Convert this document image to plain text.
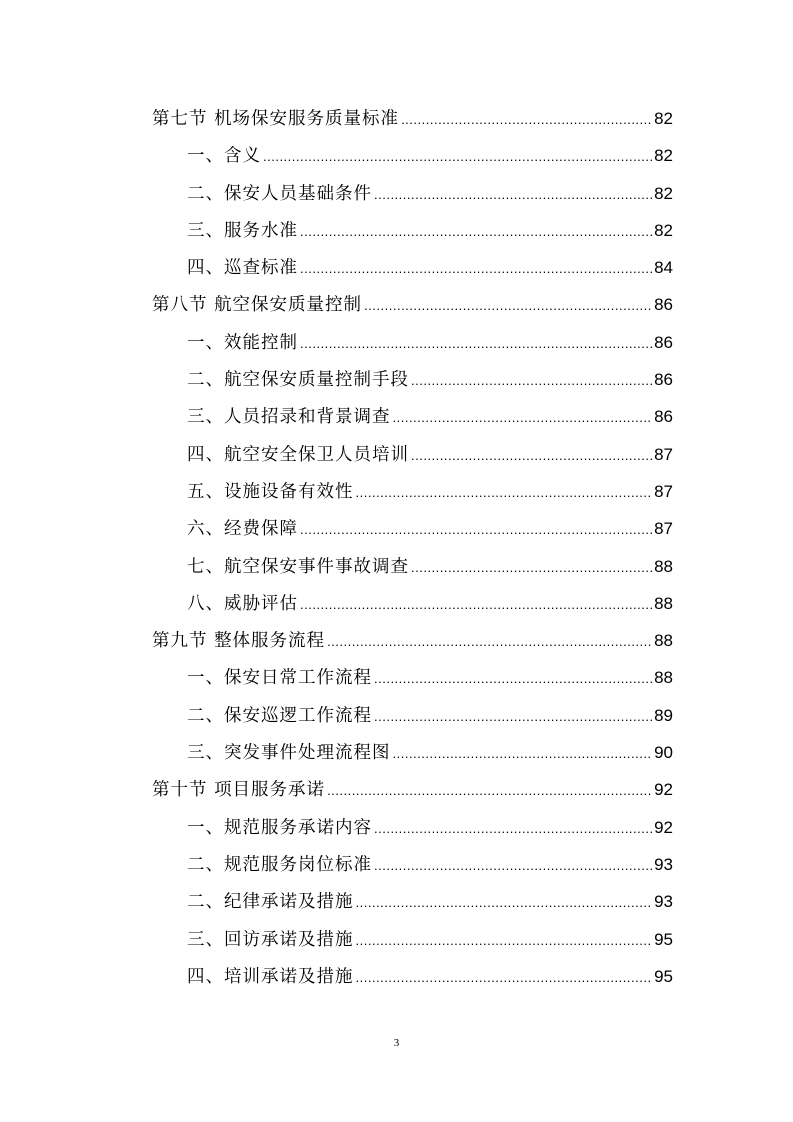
第七节 机场保安服务质量标准 .....	82
一、含义 .....	82
二、保安人员基础条件 .....	82
三、服务水准 .....	82
四、巡查标准 .....	84
第八节 航空保安质量控制 .....	86
一、效能控制 .....	86
二、航空保安质量控制手段 .....	86
三、人员招录和背景调查 .....	86
四、航空安全保卫人员培训 .....	87
五、设施设备有效性 .....	87
六、经费保障 .....	87
七、航空保安事件事故调查 .....	88
八、威胁评估 .....	88
第九节 整体服务流程 .....	88
一、保安日常工作流程 .....	88
二、保安巡逻工作流程 .....	89
三、突发事件处理流程图 .....	90
第十节 项目服务承诺 .....	92
一、规范服务承诺内容 .....	92
二、规范服务岗位标准 .....	93
二、纪律承诺及措施 .....	93
三、回访承诺及措施 .....	95
四、培训承诺及措施 .....	95
3
